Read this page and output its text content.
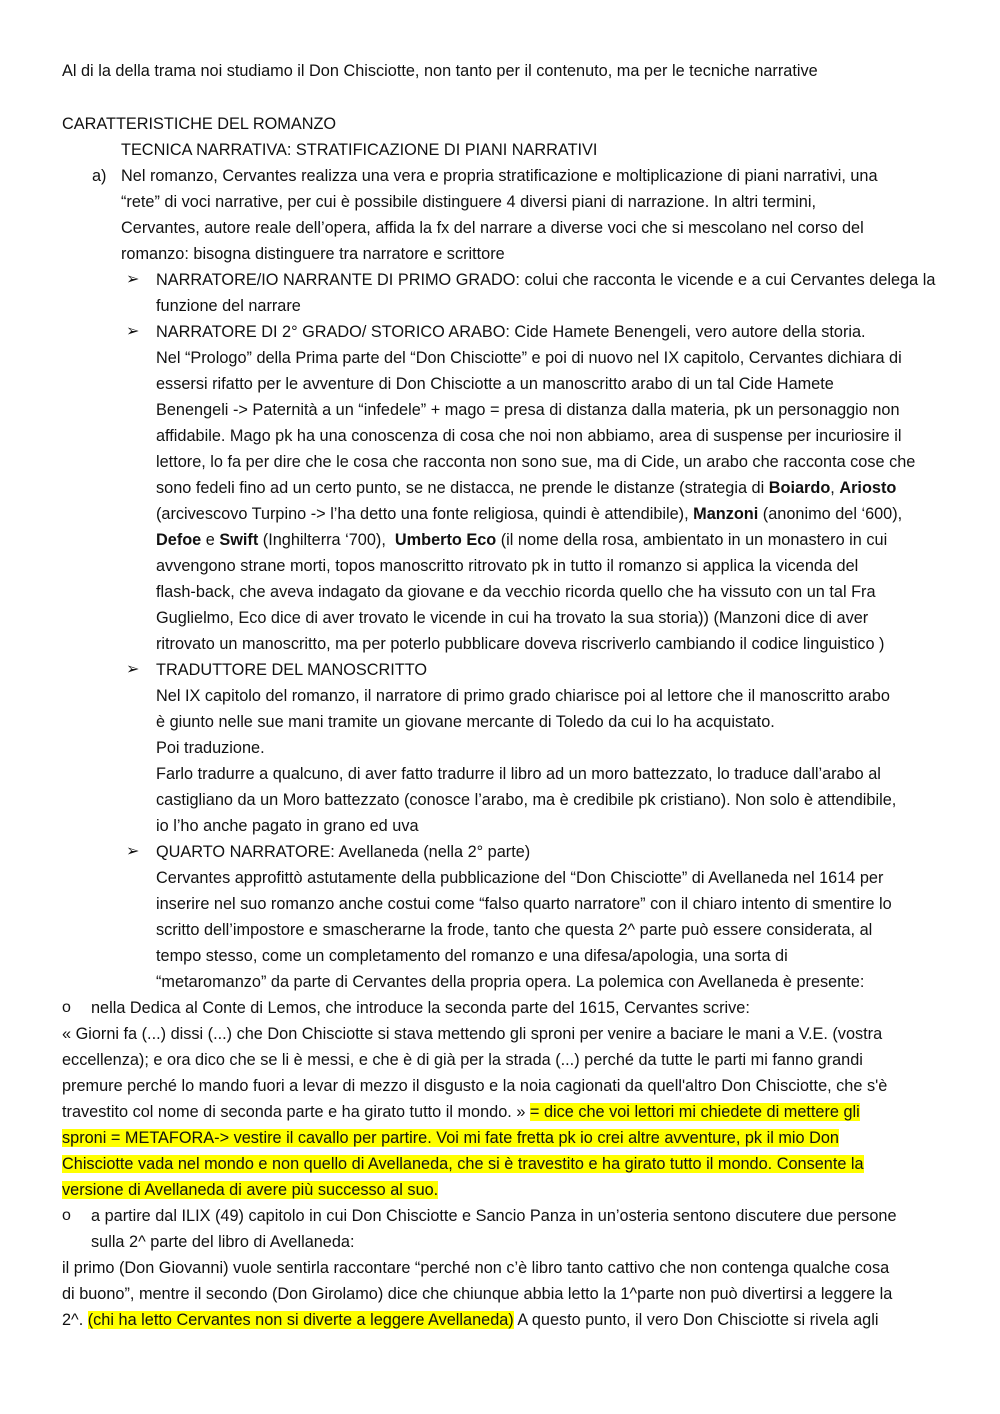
Al di la della trama noi studiamo il Don Chisciotte, non tanto per il contenuto, ma per le tecniche narrative
CARATTERISTICHE DEL ROMANZO
TECNICA NARRATIVA: STRATIFICAZIONE DI PIANI NARRATIVI
a) Nel romanzo, Cervantes realizza una vera e propria stratificazione e moltiplicazione di piani narrativi, una
“rete” di voci narrative, per cui è possibile distinguere 4 diversi piani di narrazione. In altri termini,
Cervantes, autore reale dell’opera, affida la fx del narrare a diverse voci che si mescolano nel corso del
romanzo: bisogna distinguere tra narratore e scrittore
➢ NARRATORE/IO NARRANTE DI PRIMO GRADO: colui che racconta le vicende e a cui Cervantes delega la
funzione del narrare
➢ NARRATORE DI 2° GRADO/ STORICO ARABO: Cide Hamete Benengeli, vero autore della storia.
Nel “Prologo” della Prima parte del “Don Chisciotte” e poi di nuovo nel IX capitolo, Cervantes dichiara di
essersi rifatto per le avventure di Don Chisciotte a un manoscritto arabo di un tal Cide Hamete
Benengeli -> Paternità a un “infedele” + mago = presa di distanza dalla materia, pk un personaggio non
affidabile. Mago pk ha una conoscenza di cosa che noi non abbiamo, area di suspense per incuriosire il
lettore, lo fa per dire che le cosa che racconta non sono sue, ma di Cide, un arabo che racconta cose che
sono fedeli fino ad un certo punto, se ne distacca, ne prende le distanze (strategia di Boiardo, Ariosto
(arcivescovo Turpino -> l’ha detto una fonte religiosa, quindi è attendibile), Manzoni (anonimo del ‘600),
Defoe e Swift (Inghilterra ‘700),  Umberto Eco (il nome della rosa, ambientato in un monastero in cui
avvengono strane morti, topos manoscritto ritrovato pk in tutto il romanzo si applica la vicenda del
flash-back, che aveva indagato da giovane e da vecchio ricorda quello che ha vissuto con un tal Fra
Guglielmo, Eco dice di aver trovato le vicende in cui ha trovato la sua storia)) (Manzoni dice di aver
ritrovato un manoscritto, ma per poterlo pubblicare doveva riscriverlo cambiando il codice linguistico )
➢ TRADUTTORE DEL MANOSCRITTO
Nel IX capitolo del romanzo, il narratore di primo grado chiarisce poi al lettore che il manoscritto arabo
è giunto nelle sue mani tramite un giovane mercante di Toledo da cui lo ha acquistato.
Poi traduzione.
Farlo tradurre a qualcuno, di aver fatto tradurre il libro ad un moro battezzato, lo traduce dall’arabo al
castigliano da un Moro battezzato (conosce l’arabo, ma è credibile pk cristiano). Non solo è attendibile,
io l’ho anche pagato in grano ed uva
➢ QUARTO NARRATORE: Avellaneda (nella 2° parte)
Cervantes approfittò astutamente della pubblicazione del “Don Chisciotte” di Avellaneda nel 1614 per
inserire nel suo romanzo anche costui come “falso quarto narratore” con il chiaro intento di smentire lo
scritto dell’impostore e smascherarne la frode, tanto che questa 2^ parte può essere considerata, al
tempo stesso, come un completamento del romanzo e una difesa/apologia, una sorta di
“metaromanzo” da parte di Cervantes della propria opera. La polemica con Avellaneda è presente:
o nella Dedica al Conte di Lemos, che introduce la seconda parte del 1615, Cervantes scrive:
« Giorni fa (...) dissi (...) che Don Chisciotte si stava mettendo gli sproni per venire a baciare le mani a V.E. (vostra
eccellenza); e ora dico che se li è messi, e che è di già per la strada (...) perché da tutte le parti mi fanno grandi
premure perché lo mando fuori a levar di mezzo il disgusto e la noia cagionati da quell'altro Don Chisciotte, che s'è
travestito col nome di seconda parte e ha girato tutto il mondo. » = dice che voi lettori mi chiedete di mettere gli
sproni = METAFORA-> vestire il cavallo per partire. Voi mi fate fretta pk io crei altre avventure, pk il mio Don
Chisciotte vada nel mondo e non quello di Avellaneda, che si è travestito e ha girato tutto il mondo. Consente la
versione di Avellaneda di avere più successo al suo.
o a partire dal ILIX (49) capitolo in cui Don Chisciotte e Sancio Panza in un’osteria sentono discutere due persone
sulla 2^ parte del libro di Avellaneda:
il primo (Don Giovanni) vuole sentirla raccontare “perché non c’è libro tanto cattivo che non contenga qualche cosa
di buono”, mentre il secondo (Don Girolamo) dice che chiunque abbia letto la 1^parte non può divertirsi a leggere la
2^. (chi ha letto Cervantes non si diverte a leggere Avellaneda) A questo punto, il vero Don Chisciotte si rivela agli
